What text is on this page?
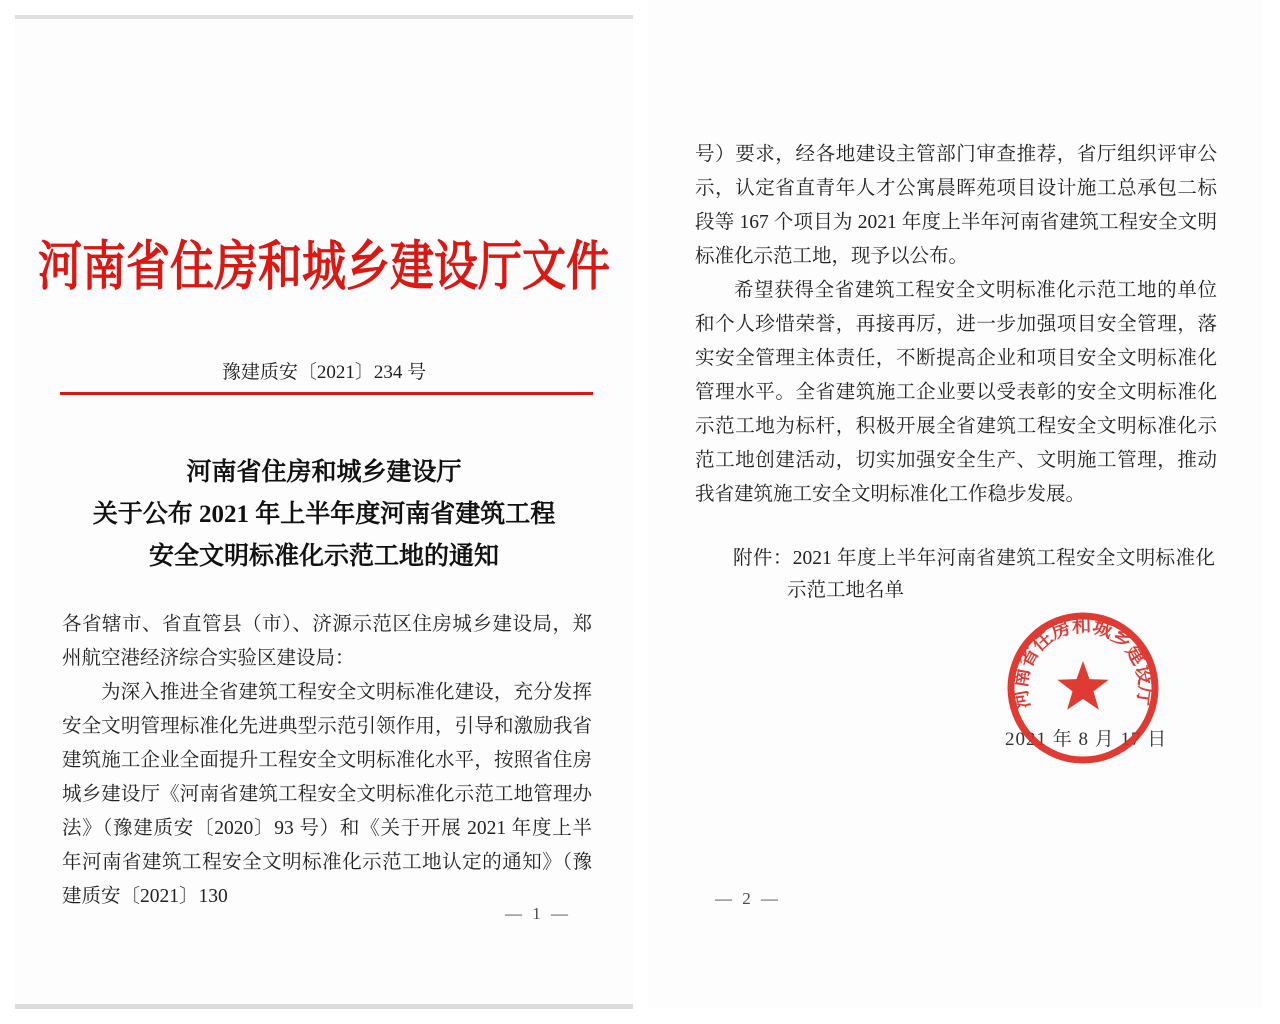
河南省住房和城乡建设厅文件
豫建质安〔2021〕234 号
河南省住房和城乡建设厅
关于公布 2021 年上半年度河南省建筑工程
安全文明标准化示范工地的通知

各省辖市、省直管县（市）、济源示范区住房城乡建设局，郑州航空港经济综合实验区建设局：

为深入推进全省建筑工程安全文明标准化建设，充分发挥安全文明管理标准化先进典型示范引领作用，引导和激励我省建筑施工企业全面提升工程安全文明标准化水平，按照省住房城乡建设厅《河南省建筑工程安全文明标准化示范工地管理办法》（豫建质安〔2020〕93 号）和《关于开展 2021 年度上半年河南省建筑工程安全文明标准化示范工地认定的通知》（豫建质安〔2021〕130

— 1 —

号）要求，经各地建设主管部门审查推荐，省厅组织评审公示，认定省直青年人才公寓晨晖苑项目设计施工总承包二标段等 167 个项目为 2021 年度上半年河南省建筑工程安全文明标准化示范工地，现予以公布。

希望获得全省建筑工程安全文明标准化示范工地的单位和个人珍惜荣誉，再接再厉，进一步加强项目安全管理，落实安全管理主体责任，不断提高企业和项目安全文明标准化管理水平。全省建筑施工企业要以受表彰的安全文明标准化示范工地为标杆，积极开展全省建筑工程安全文明标准化示范工地创建活动，切实加强安全生产、文明施工管理，推动我省建筑施工安全文明标准化工作稳步发展。

附件：2021 年度上半年河南省建筑工程安全文明标准化示范工地名单

2021 年 8 月 17 日
河南省住房和城乡建设厅
— 2 —
